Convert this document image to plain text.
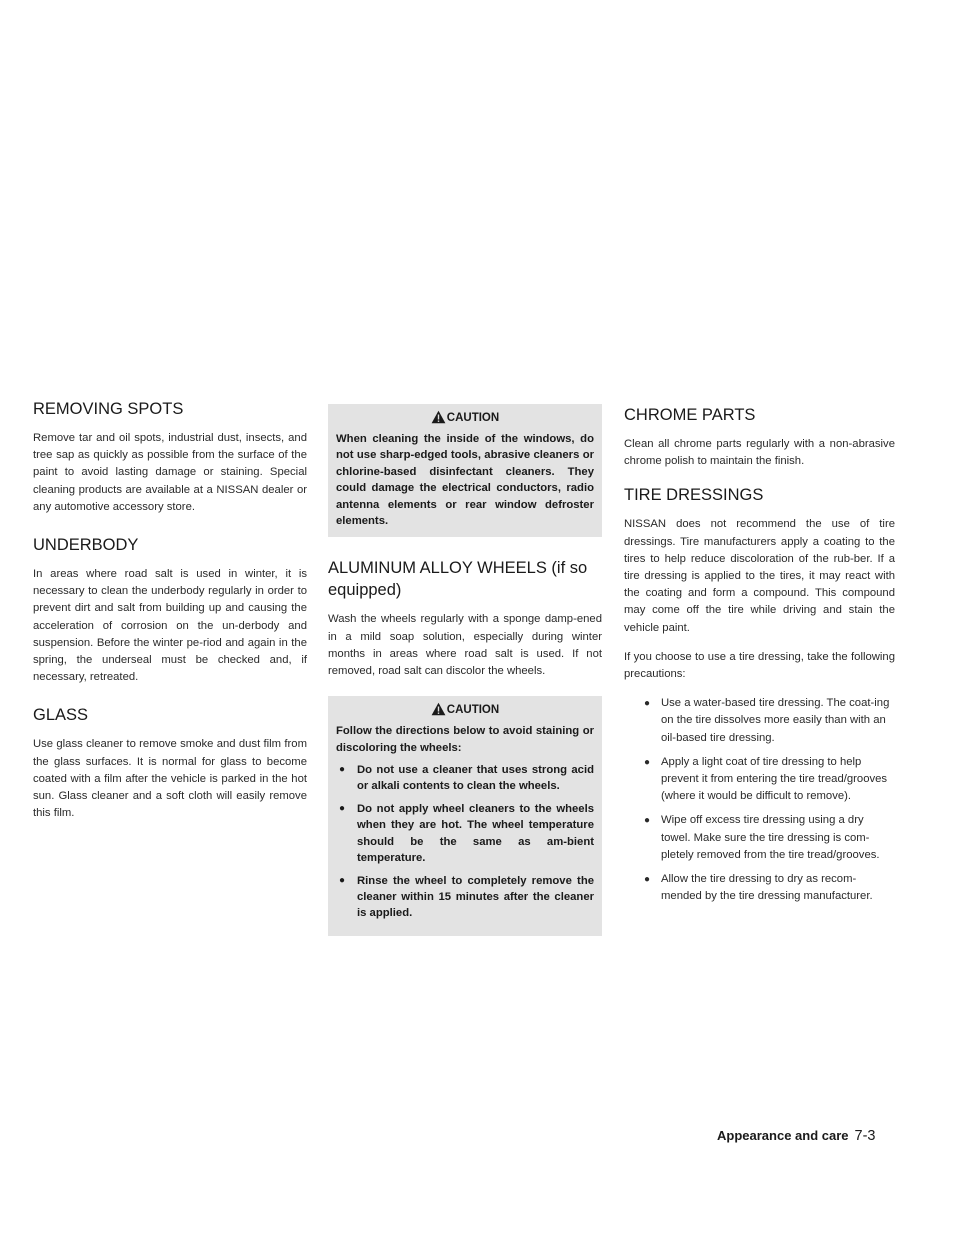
REMOVING SPOTS

Remove tar and oil spots, industrial dust, insects, and tree sap as quickly as possible from the surface of the paint to avoid lasting damage or staining. Special cleaning products are available at a NISSAN dealer or any automotive accessory store.

UNDERBODY

In areas where road salt is used in winter, it is necessary to clean the underbody regularly in order to prevent dirt and salt from building up and causing the acceleration of corrosion on the un-derbody and suspension. Before the winter pe-riod and again in the spring, the underseal must be checked and, if necessary, retreated.

GLASS

Use glass cleaner to remove smoke and dust film from the glass surfaces. It is normal for glass to become coated with a film after the vehicle is parked in the hot sun. Glass cleaner and a soft cloth will easily remove this film.

CAUTION

When cleaning the inside of the windows, do not use sharp-edged tools, abrasive cleaners or chlorine-based disinfectant cleaners. They could damage the electrical conductors, radio antenna elements or rear window defroster elements.

ALUMINUM ALLOY WHEELS (if so equipped)

Wash the wheels regularly with a sponge damp-ened in a mild soap solution, especially during winter months in areas where road salt is used. If not removed, road salt can discolor the wheels.

CAUTION

Follow the directions below to avoid staining or discoloring the wheels:

● Do not use a cleaner that uses strong acid or alkali contents to clean the wheels.
● Do not apply wheel cleaners to the wheels when they are hot. The wheel temperature should be the same as am-bient temperature.
● Rinse the wheel to completely remove the cleaner within 15 minutes after the cleaner is applied.
CHROME PARTS

Clean all chrome parts regularly with a non-abrasive chrome polish to maintain the finish.

TIRE DRESSINGS

NISSAN does not recommend the use of tire dressings. Tire manufacturers apply a coating to the tires to help reduce discoloration of the rub-ber. If a tire dressing is applied to the tires, it may react with the coating and form a compound. This compound may come off the tire while driving and stain the vehicle paint.

If you choose to use a tire dressing, take the following precautions:

● Use a water-based tire dressing. The coat-ing on the tire dissolves more easily than with an oil-based tire dressing.
● Apply a light coat of tire dressing to help prevent it from entering the tire tread/grooves (where it would be difficult to remove).
● Wipe off excess tire dressing using a dry towel. Make sure the tire dressing is com-pletely removed from the tire tread/grooves.
● Allow the tire dressing to dry as recom-mended by the tire dressing manufacturer.
Appearance and care 7-3
